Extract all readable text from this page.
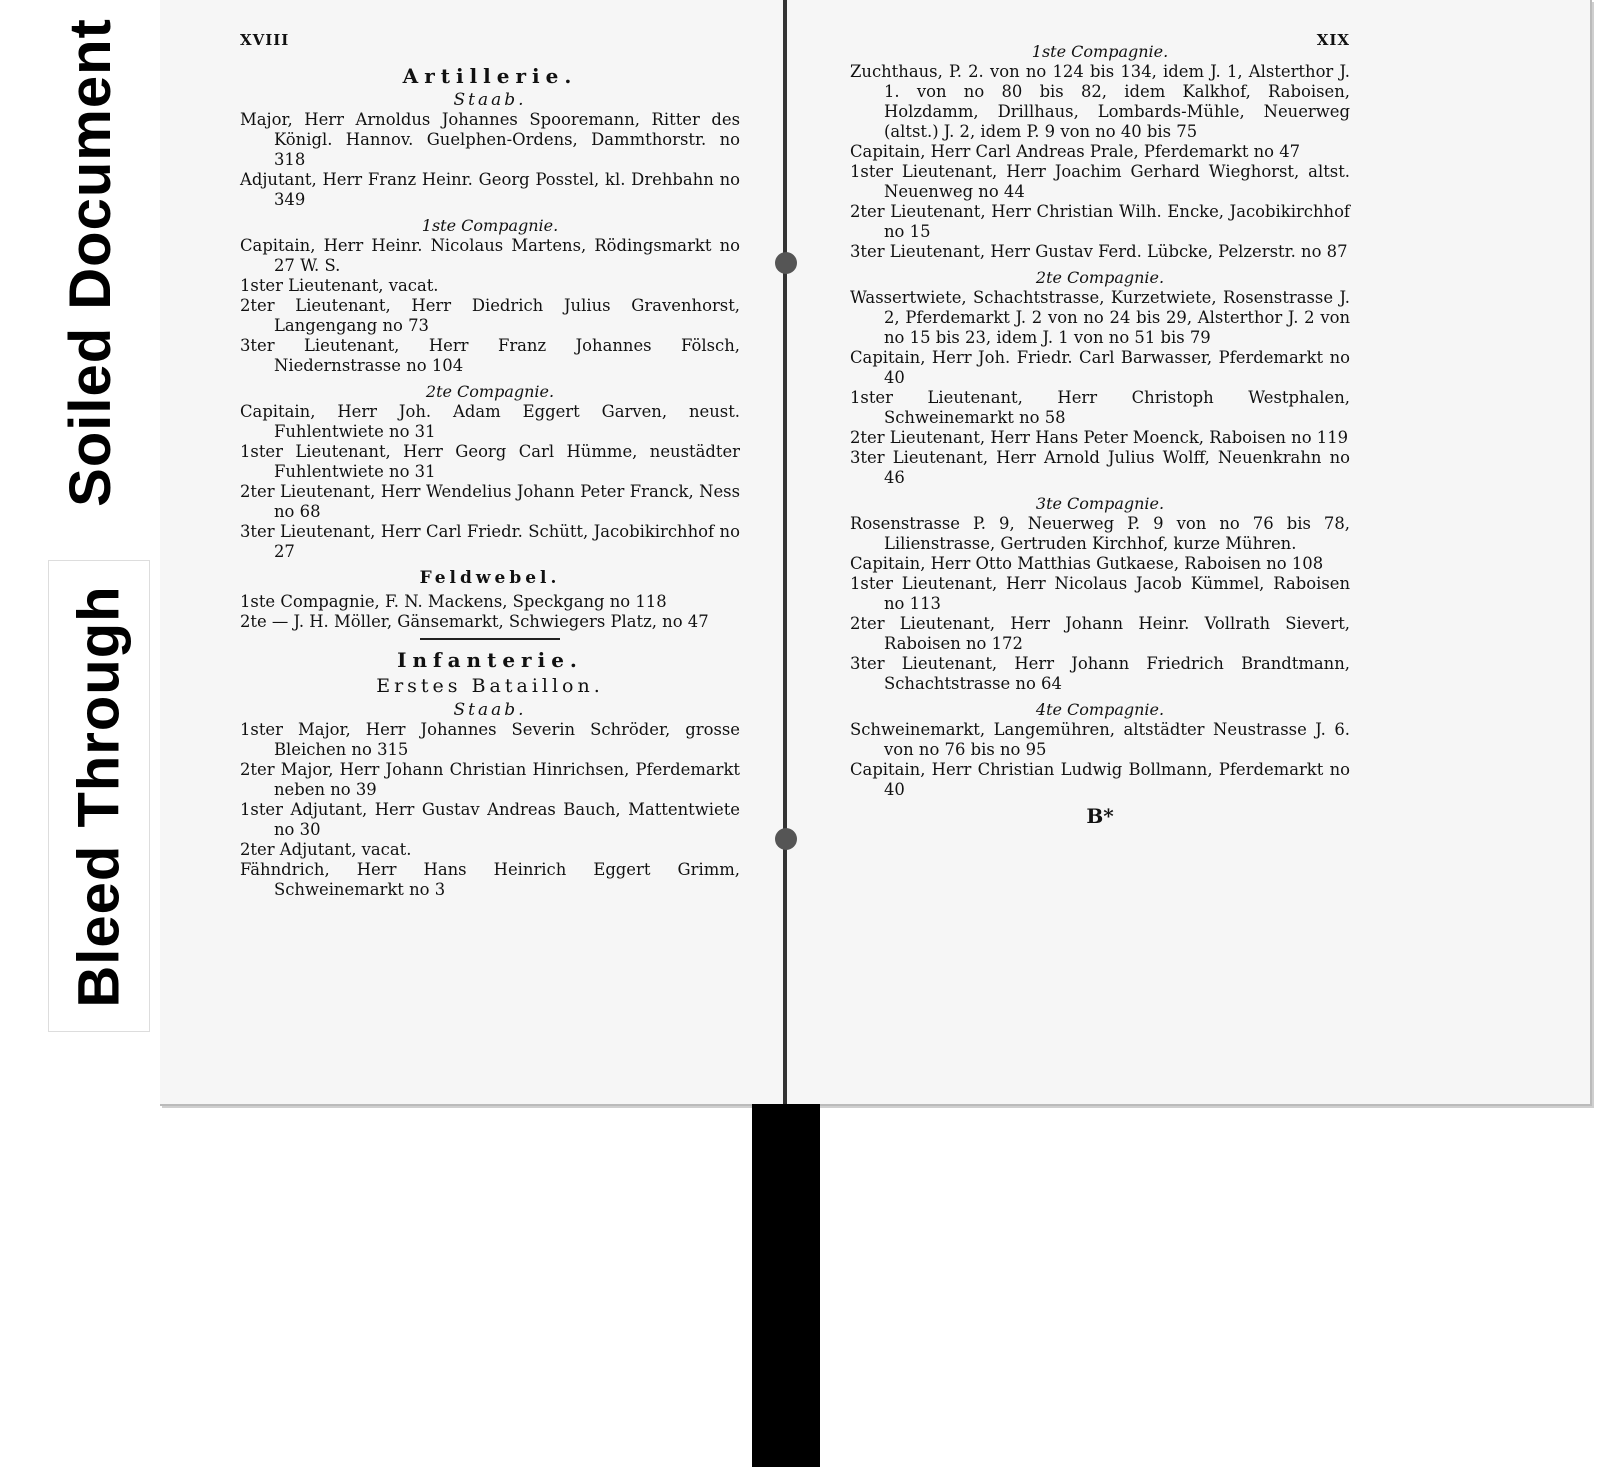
Soiled Document
Bleed Through
XVIII
Artillerie.
Staab.

Major, Herr Arnoldus Johannes Spooremann, Ritter des Königl. Hannov. Guelphen-Ordens, Dammthorstr. no 318

Adjutant, Herr Franz Heinr. Georg Posstel, kl. Drehbahn no 349

1ste Compagnie.

Capitain, Herr Heinr. Nicolaus Martens, Rödingsmarkt no 27 W. S.

1ster Lieutenant, vacat.

2ter Lieutenant, Herr Diedrich Julius Gravenhorst, Langengang no 73

3ter Lieutenant, Herr Franz Johannes Fölsch, Niedernstrasse no 104

2te Compagnie.

Capitain, Herr Joh. Adam Eggert Garven, neust. Fuhlentwiete no 31

1ster Lieutenant, Herr Georg Carl Hümme, neustädter Fuhlentwiete no 31

2ter Lieutenant, Herr Wendelius Johann Peter Franck, Ness no 68

3ter Lieutenant, Herr Carl Friedr. Schütt, Jacobikirchhof no 27

Feldwebel.

1ste Compagnie, F. N. Mackens, Speckgang no 118

2te — J. H. Möller, Gänsemarkt, Schwiegers Platz, no 47

Infanterie.
Erstes Bataillon.
Staab.

1ster Major, Herr Johannes Severin Schröder, grosse Bleichen no 315

2ter Major, Herr Johann Christian Hinrichsen, Pferdemarkt neben no 39

1ster Adjutant, Herr Gustav Andreas Bauch, Mattentwiete no 30

2ter Adjutant, vacat.

Fähndrich, Herr Hans Heinrich Eggert Grimm, Schweinemarkt no 3

XIX
1ste Compagnie.

Zuchthaus, P. 2. von no 124 bis 134, idem J. 1, Alsterthor J. 1. von no 80 bis 82, idem Kalkhof, Raboisen, Holzdamm, Drillhaus, Lombards-Mühle, Neuerweg (altst.) J. 2, idem P. 9 von no 40 bis 75

Capitain, Herr Carl Andreas Prale, Pferdemarkt no 47

1ster Lieutenant, Herr Joachim Gerhard Wieghorst, altst. Neuenweg no 44

2ter Lieutenant, Herr Christian Wilh. Encke, Jacobikirchhof no 15

3ter Lieutenant, Herr Gustav Ferd. Lübcke, Pelzerstr. no 87

2te Compagnie.

Wassertwiete, Schachtstrasse, Kurzetwiete, Rosenstrasse J. 2, Pferdemarkt J. 2 von no 24 bis 29, Alsterthor J. 2 von no 15 bis 23, idem J. 1 von no 51 bis 79

Capitain, Herr Joh. Friedr. Carl Barwasser, Pferdemarkt no 40

1ster Lieutenant, Herr Christoph Westphalen, Schweinemarkt no 58

2ter Lieutenant, Herr Hans Peter Moenck, Raboisen no 119

3ter Lieutenant, Herr Arnold Julius Wolff, Neuenkrahn no 46

3te Compagnie.

Rosenstrasse P. 9, Neuerweg P. 9 von no 76 bis 78, Lilienstrasse, Gertruden Kirchhof, kurze Mühren.

Capitain, Herr Otto Matthias Gutkaese, Raboisen no 108

1ster Lieutenant, Herr Nicolaus Jacob Kümmel, Raboisen no 113

2ter Lieutenant, Herr Johann Heinr. Vollrath Sievert, Raboisen no 172

3ter Lieutenant, Herr Johann Friedrich Brandtmann, Schachtstrasse no 64

4te Compagnie.

Schweinemarkt, Langemühren, altstädter Neustrasse J. 6. von no 76 bis no 95

Capitain, Herr Christian Ludwig Bollmann, Pferdemarkt no 40

B*
